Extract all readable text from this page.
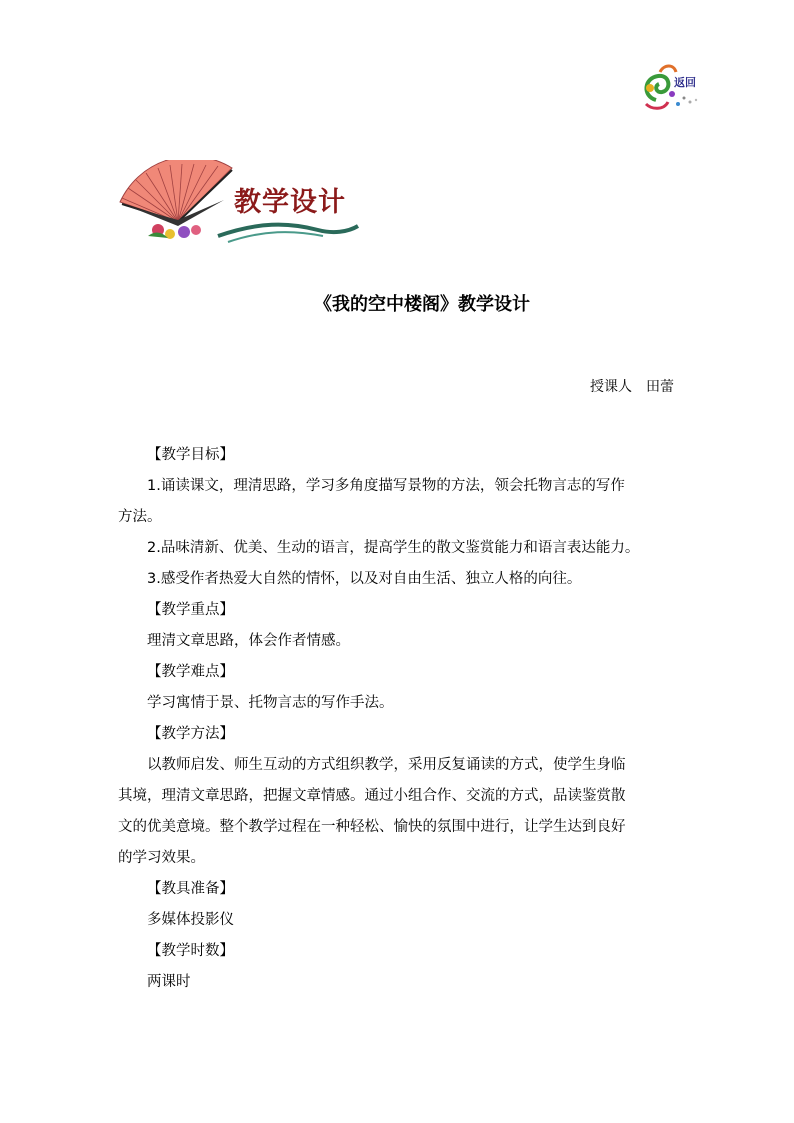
返回
教学设计
《我的空中楼阁》教学设计
授课人 田蕾

【教学目标】

1.诵读课文，理清思路，学习多角度描写景物的方法，领会托物言志的写作

方法。

2.品味清新、优美、生动的语言，提高学生的散文鉴赏能力和语言表达能力。

3.感受作者热爱大自然的情怀，以及对自由生活、独立人格的向往。

【教学重点】

理清文章思路，体会作者情感。

【教学难点】

学习寓情于景、托物言志的写作手法。

【教学方法】

以教师启发、师生互动的方式组织教学，采用反复诵读的方式，使学生身临

其境，理清文章思路，把握文章情感。通过小组合作、交流的方式，品读鉴赏散

文的优美意境。整个教学过程在一种轻松、愉快的氛围中进行，让学生达到良好

的学习效果。

【教具准备】

多媒体投影仪

【教学时数】

两课时
